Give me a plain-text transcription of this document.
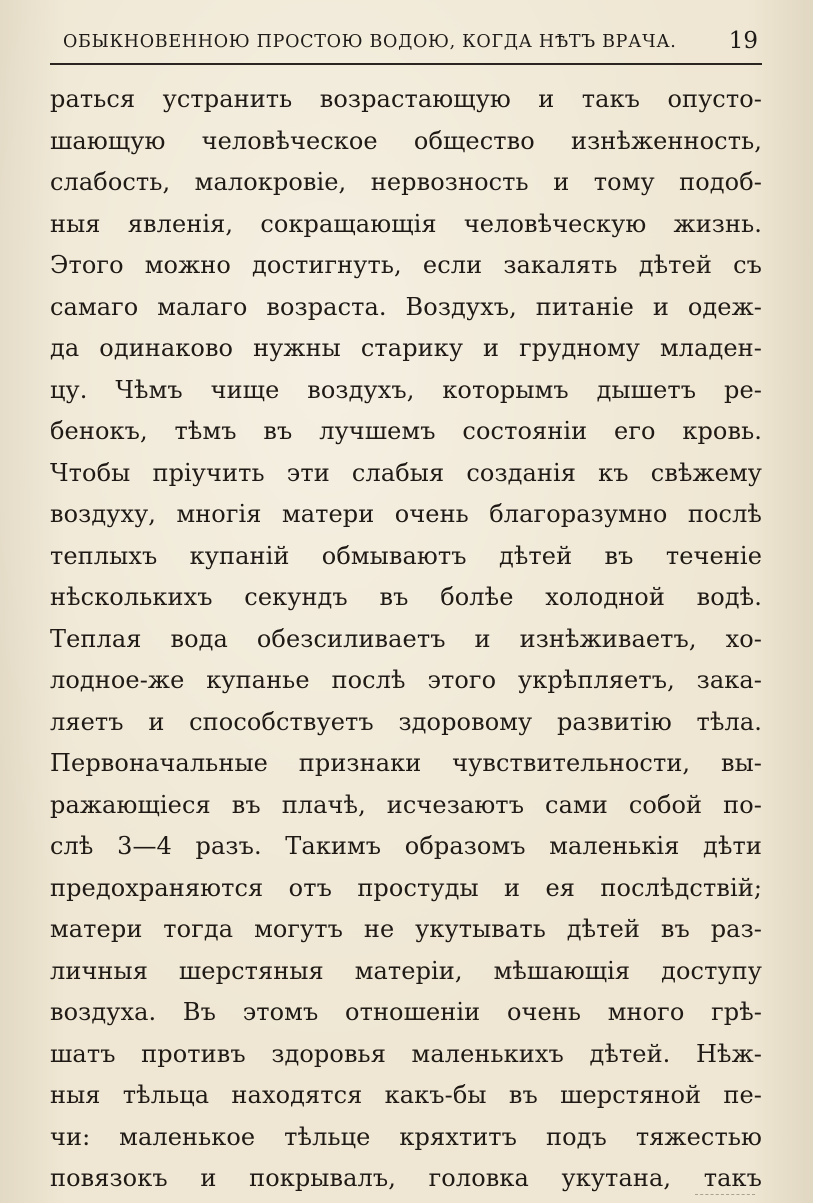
ОБЫКНОВЕННОЮ ПРОСТОЮ ВОДОЮ, КОГДА НѢТЪ ВРАЧА. 19
раться устранить возрастающую и такъ опусто-
шающую человѣческое общество изнѣженность,
слабость, малокровіе, нервозность и тому подоб-
ныя явленія, сокращающія человѣческую жизнь.
Этого можно достигнуть, если закалять дѣтей съ
самаго малаго возраста. Воздухъ, питаніе и одеж-
да одинаково нужны старику и грудному младен-
цу. Чѣмъ чище воздухъ, которымъ дышетъ ре-
бенокъ, тѣмъ въ лучшемъ состояніи его кровь.
Чтобы пріучить эти слабыя созданія къ свѣжему
воздуху, многія матери очень благоразумно послѣ
теплыхъ купаній обмываютъ дѣтей въ теченіе
нѣсколькихъ секундъ въ болѣе холодной водѣ.
Теплая вода обезсиливаетъ и изнѣживаетъ, хо-
лодное-же купанье послѣ этого укрѣпляетъ, зака-
ляетъ и способствуетъ здоровому развитію тѣла.
Первоначальные признаки чувствительности, вы-
ражающіеся въ плачѣ, исчезаютъ сами собой по-
слѣ 3—4 разъ. Такимъ образомъ маленькія дѣти
предохраняются отъ простуды и ея послѣдствій;
матери тогда могутъ не укутывать дѣтей въ раз-
личныя шерстяныя матеріи, мѣшающія доступу
воздуха. Въ этомъ отношеніи очень много грѣ-
шатъ противъ здоровья маленькихъ дѣтей. Нѣж-
ныя тѣльца находятся какъ-бы въ шерстяной пе-
чи: маленькое тѣльце кряхтитъ подъ тяжестью
повязокъ и покрывалъ, головка укутана, такъ
